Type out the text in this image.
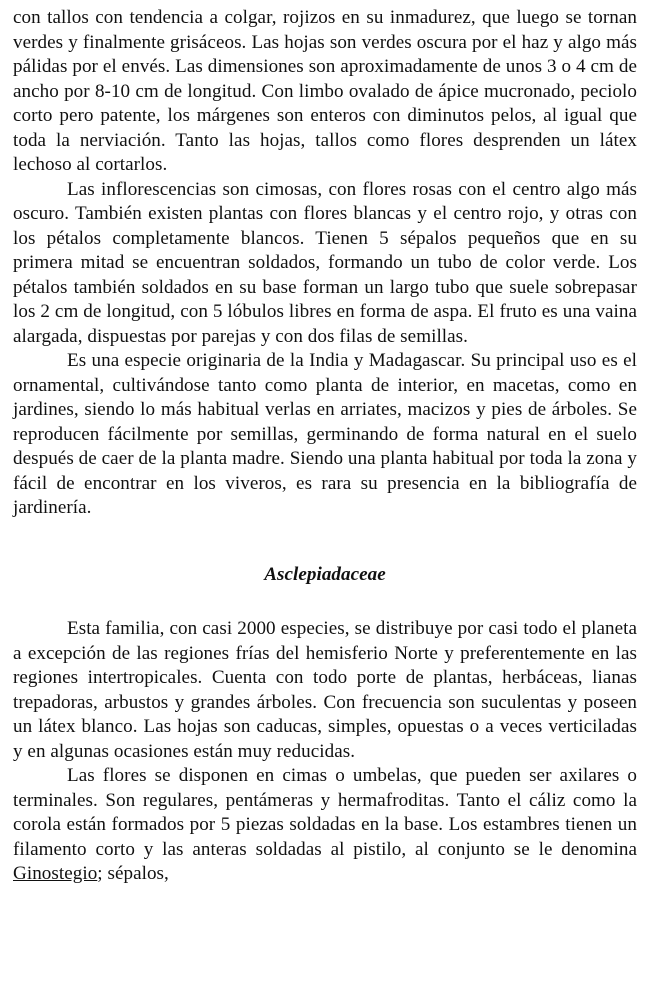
con tallos con tendencia a colgar, rojizos en su inmadurez, que luego se tornan verdes y finalmente grisáceos. Las hojas son verdes oscura por el haz y algo más pálidas por el envés. Las dimensiones son aproximadamente de unos 3 o 4 cm de ancho por 8-10 cm de longitud. Con limbo ovalado de ápice mucronado, peciolo corto pero patente, los márgenes son enteros con diminutos pelos, al igual que toda la nerviación. Tanto las hojas, tallos como flores desprenden un látex lechoso al cortarlos.

Las inflorescencias son cimosas, con flores rosas con el centro algo más oscuro. También existen plantas con flores blancas y el centro rojo, y otras con los pétalos completamente blancos. Tienen 5 sépalos pequeños que en su primera mitad se encuentran soldados, formando un tubo de color verde. Los pétalos también soldados en su base forman un largo tubo que suele sobrepasar los 2 cm de longitud, con 5 lóbulos libres en forma de aspa. El fruto es una vaina alargada, dispuestas por parejas y con dos filas de semillas.

Es una especie originaria de la India y Madagascar. Su principal uso es el ornamental, cultivándose tanto como planta de interior, en macetas, como en jardines, siendo lo más habitual verlas en arriates, macizos y pies de árboles. Se reproducen fácilmente por semillas, germinando de forma natural en el suelo después de caer de la planta madre. Siendo una planta habitual por toda la zona y fácil de encontrar en los viveros, es rara su presencia en la bibliografía de jardinería.

Asclepiadaceae

Esta familia, con casi 2000 especies, se distribuye por casi todo el planeta a excepción de las regiones frías del hemisferio Norte y preferentemente en las regiones intertropicales. Cuenta con todo porte de plantas, herbáceas, lianas trepadoras, arbustos y grandes árboles. Con frecuencia son suculentas y poseen un látex blanco. Las hojas son caducas, simples, opuestas o a veces verticiladas y en algunas ocasiones están muy reducidas.

Las flores se disponen en cimas o umbelas, que pueden ser axilares o terminales. Son regulares, pentámeras y hermafroditas. Tanto el cáliz como la corola están formados por 5 piezas soldadas en la base. Los estambres tienen un filamento corto y las anteras soldadas al pistilo, al conjunto se le denomina Ginostegio; sépalos,
